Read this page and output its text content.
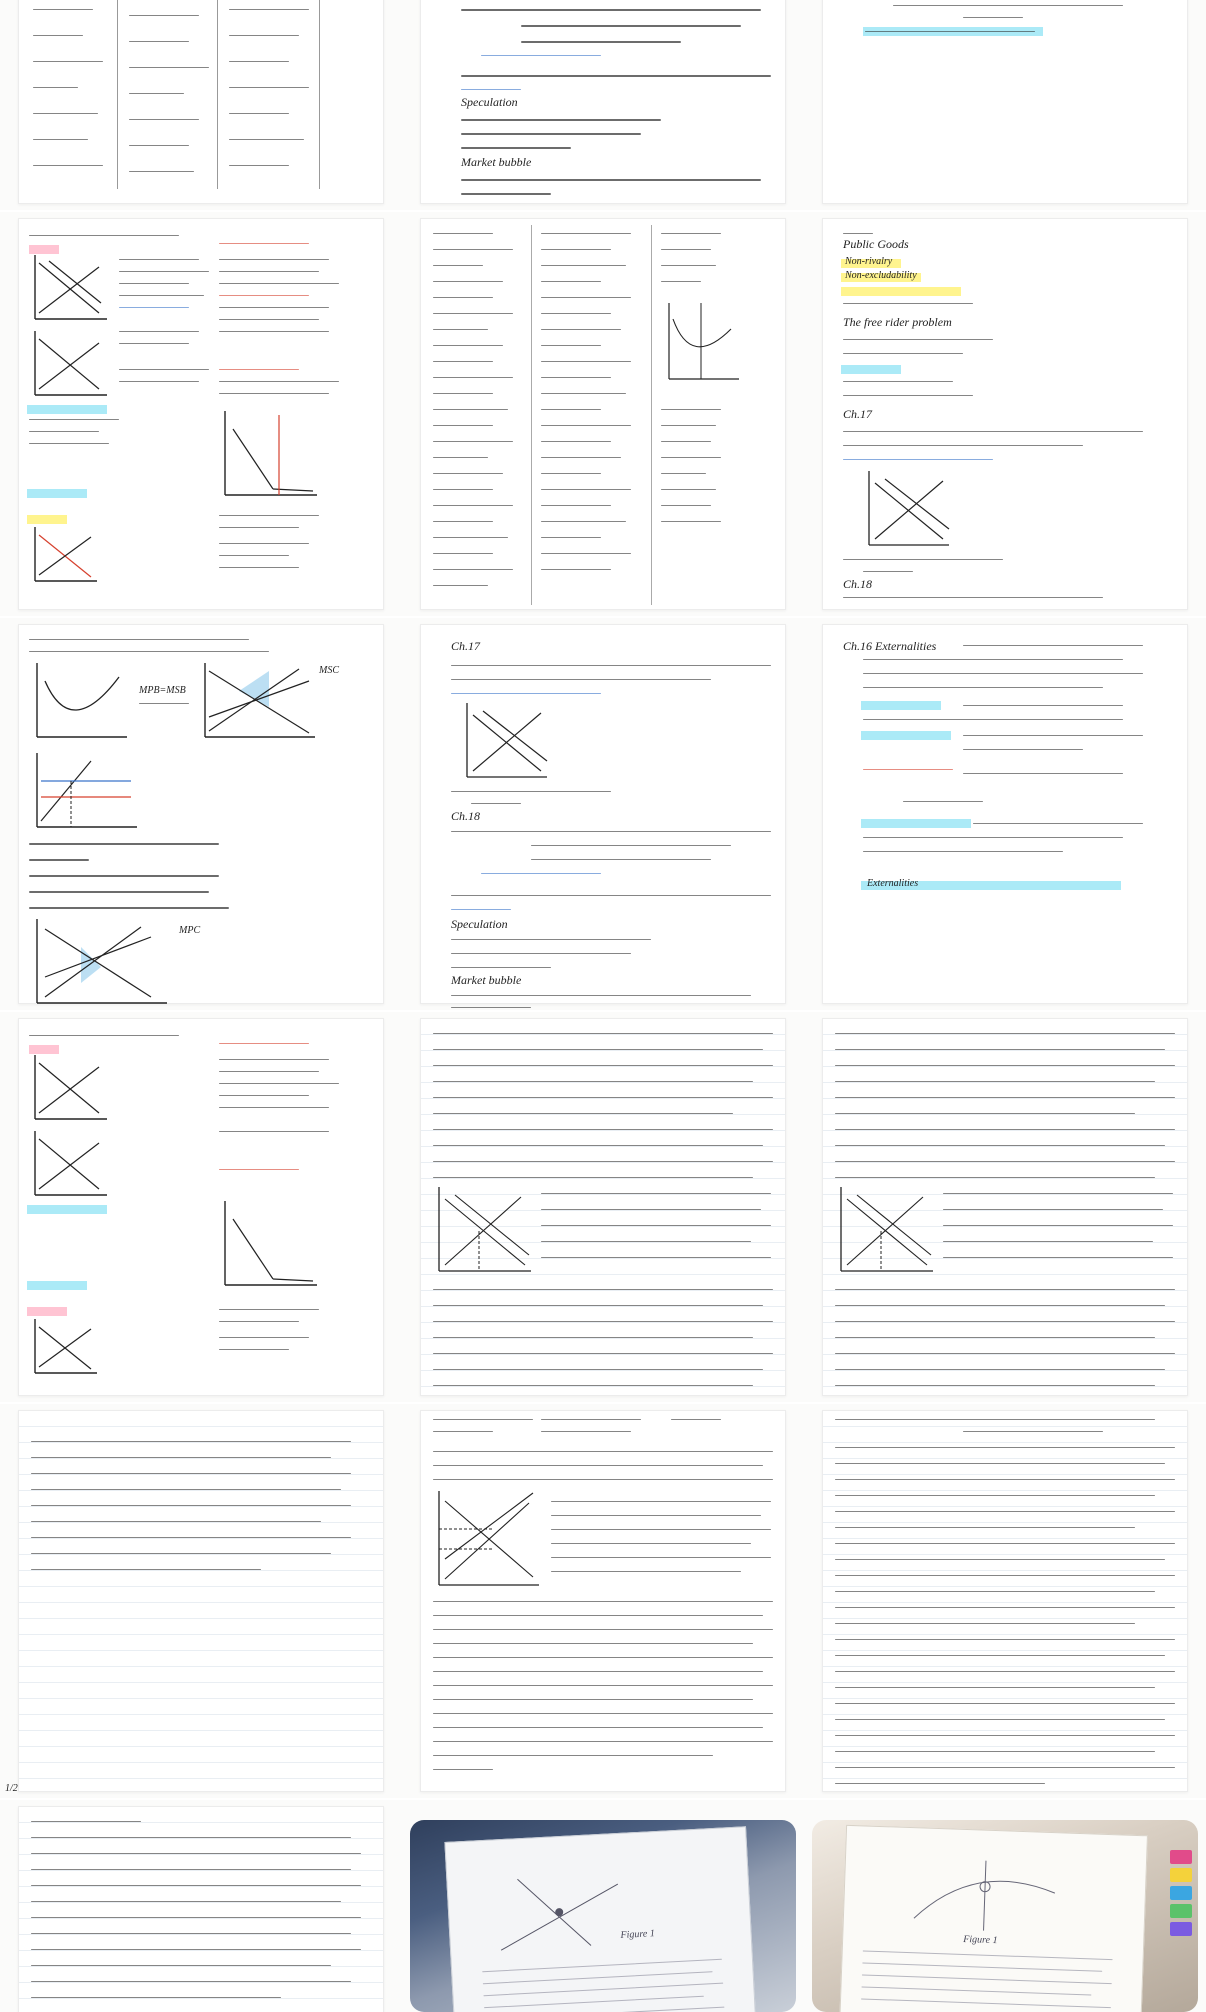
Speculation
Market bubble
Public Goods
Non-rivalry
Non-excludability
The free rider problem
Ch.17
Ch.18
MPB=MSB
MSC
MPC
Ch.17
Ch.18
Speculation
Market bubble
Ch.16 Externalities
Externalities
1/2
Figure 1	Figure 1
